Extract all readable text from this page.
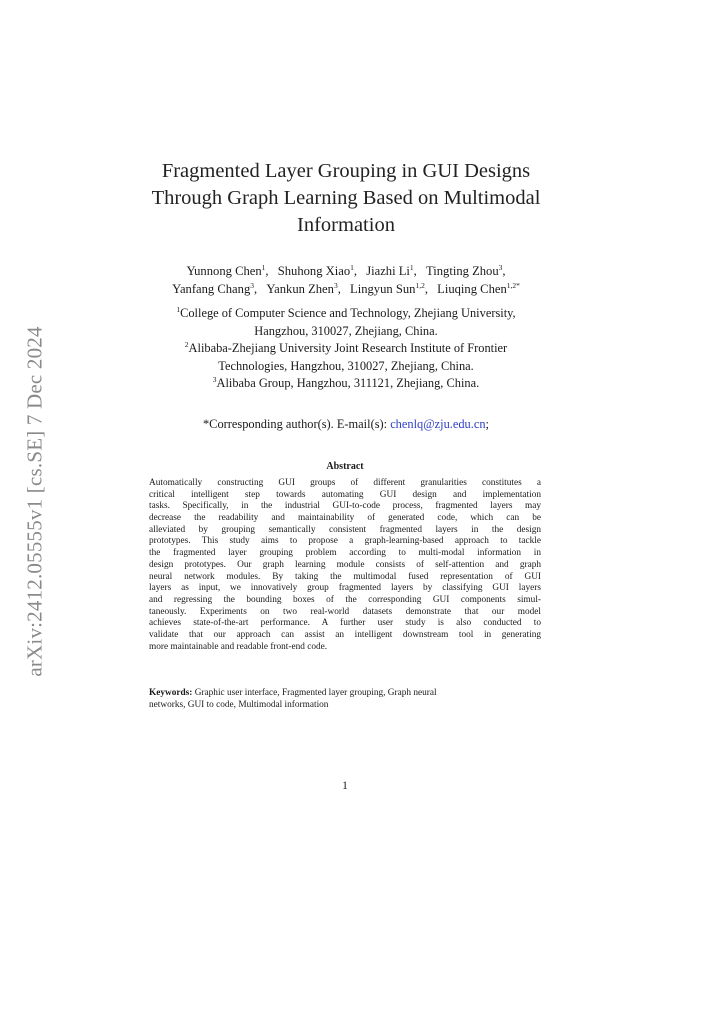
arXiv:2412.05555v1 [cs.SE] 7 Dec 2024
Fragmented Layer Grouping in GUI Designs
Through Graph Learning Based on Multimodal
Information
Yunnong Chen$^1$, Shuhong Xiao$^1$, Jiazhi Li$^1$, Tingting Zhou$^3$,
Yanfang Chang$^3$, Yankun Zhen$^3$, Lingyun Sun$^{1,2}$, Liuqing Chen$^{1,2*}$
$^1$College of Computer Science and Technology, Zhejiang University,
Hangzhou, 310027, Zhejiang, China.
$^2$Alibaba-Zhejiang University Joint Research Institute of Frontier
Technologies, Hangzhou, 310027, Zhejiang, China.
$^3$Alibaba Group, Hangzhou, 311121, Zhejiang, China.
*Corresponding author(s). E-mail(s): chenlq@zju.edu.cn;
Abstract
Automatically constructing GUI groups of different granularities constitutes a
critical intelligent step towards automating GUI design and implementation
tasks. Specifically, in the industrial GUI-to-code process, fragmented layers may
decrease the readability and maintainability of generated code, which can be
alleviated by grouping semantically consistent fragmented layers in the design
prototypes. This study aims to propose a graph-learning-based approach to tackle
the fragmented layer grouping problem according to multi-modal information in
design prototypes. Our graph learning module consists of self-attention and graph
neural network modules. By taking the multimodal fused representation of GUI
layers as input, we innovatively group fragmented layers by classifying GUI layers
and regressing the bounding boxes of the corresponding GUI components simul-
taneously. Experiments on two real-world datasets demonstrate that our model
achieves state-of-the-art performance. A further user study is also conducted to
validate that our approach can assist an intelligent downstream tool in generating
more maintainable and readable front-end code.
Keywords: Graphic user interface, Fragmented layer grouping, Graph neural
networks, GUI to code, Multimodal information
1
